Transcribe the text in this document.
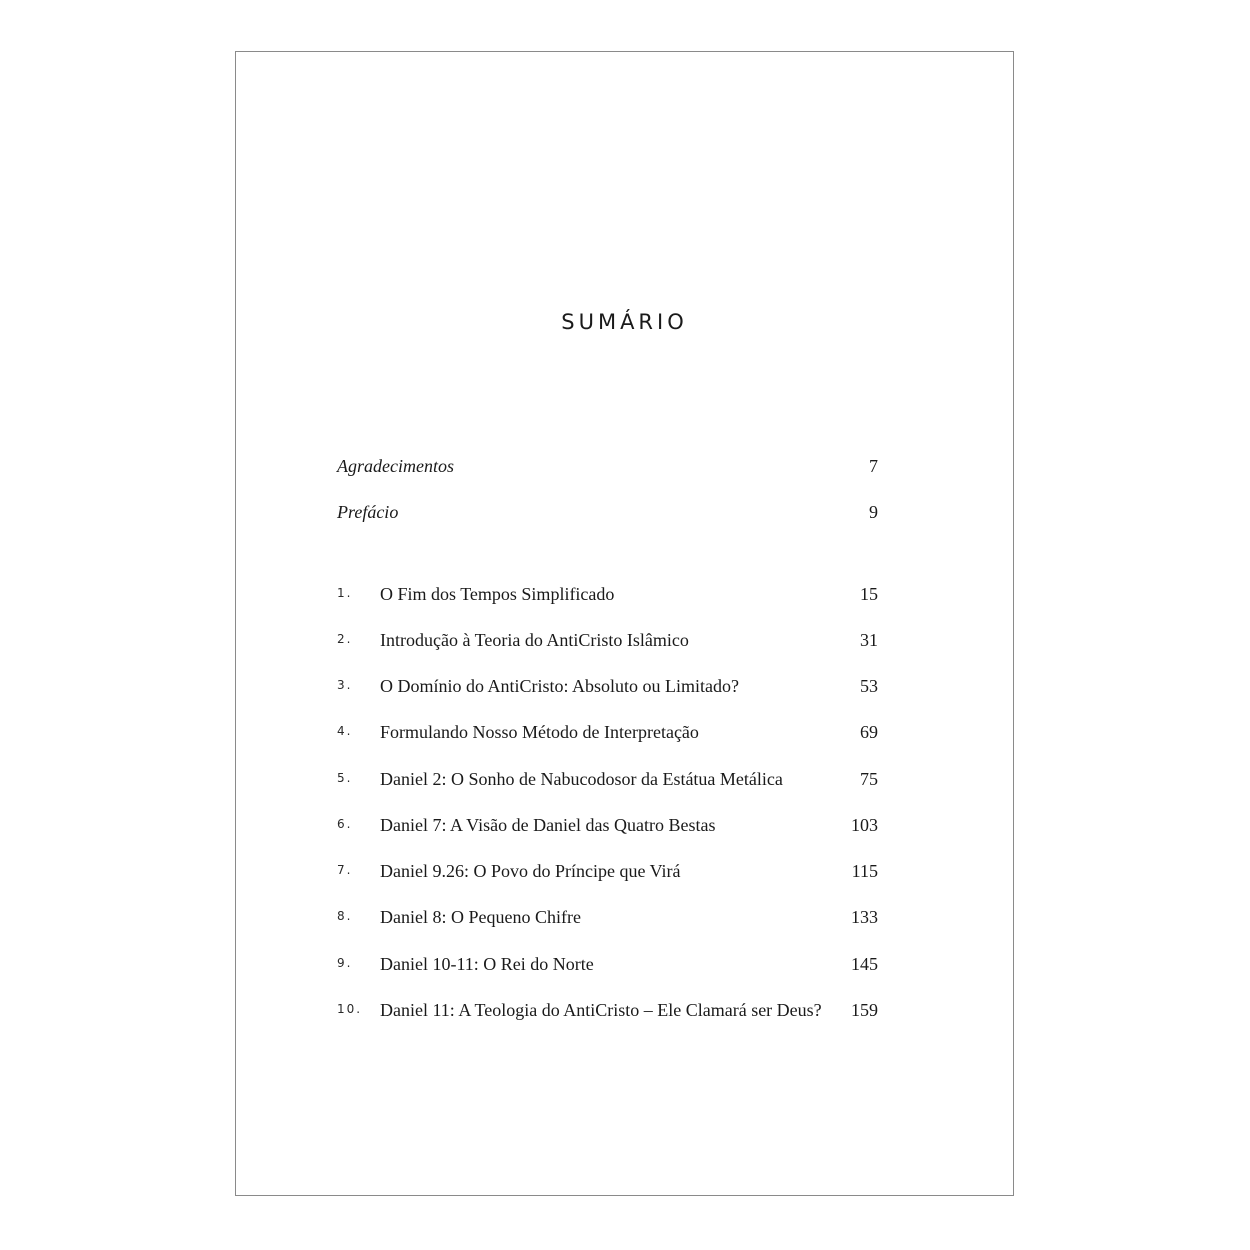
SUMÁRIO
Agradecimentos	7
Prefácio	9
1. O Fim dos Tempos Simplificado	15
2. Introdução à Teoria do AntiCristo Islâmico	31
3. O Domínio do AntiCristo: Absoluto ou Limitado?	53
4. Formulando Nosso Método de Interpretação	69
5. Daniel 2: O Sonho de Nabucodosor da Estátua Metálica	75
6. Daniel 7: A Visão de Daniel das Quatro Bestas	103
7. Daniel 9.26: O Povo do Príncipe que Virá	115
8. Daniel 8: O Pequeno Chifre	133
9. Daniel 10-11: O Rei do Norte	145
10. Daniel 11: A Teologia do AntiCristo – Ele Clamará ser Deus? 159
